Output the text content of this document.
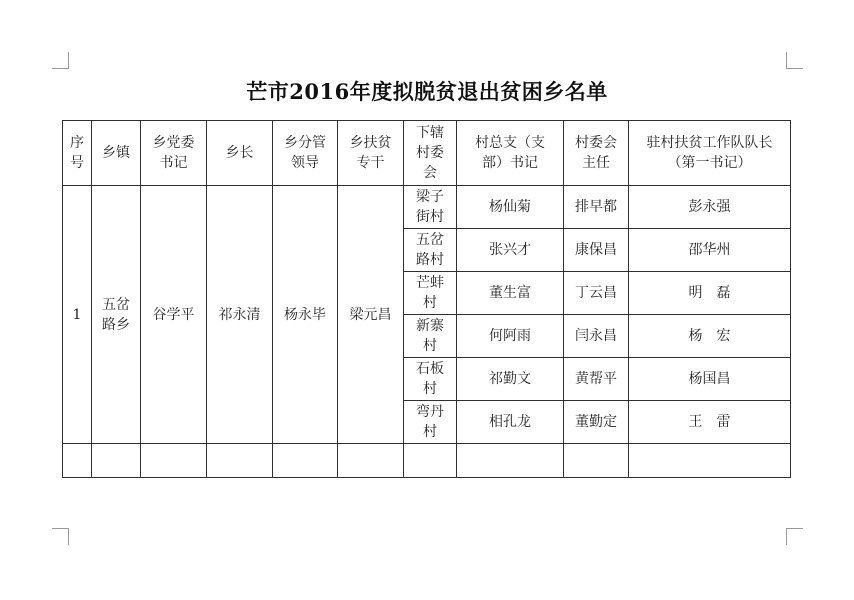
芒市2016年度拟脱贫退出贫困乡名单
序号	乡镇	乡党委书记	乡长	乡分管领导	乡扶贫专干	下辖村委会	村总支（支部）书记	村委会主任	驻村扶贫工作队队长（第一书记）
1	五岔路乡	谷学平	祁永清	杨永毕	梁元昌	梁子街村	杨仙菊	排早都	彭永强
						五岔路村	张兴才	康保昌	邵华州
						芒蚌村	董生富	丁云昌	明　磊
						新寨村	何阿雨	闫永昌	杨　宏
						石板村	祁勤文	黄帮平	杨国昌
						弯丹村	相孔龙	董勤定	王　雷
